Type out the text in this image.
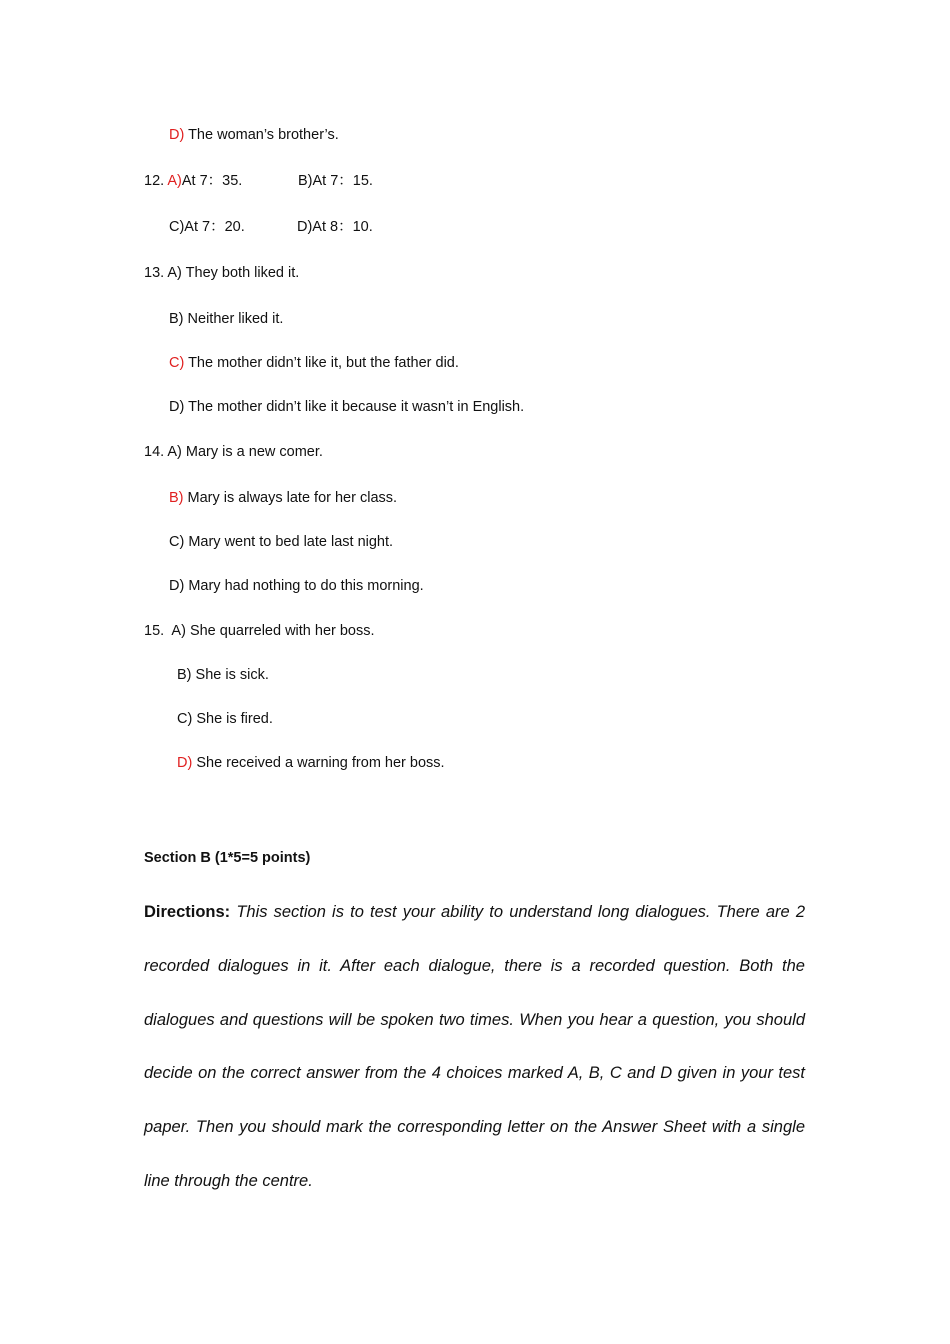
D) The woman’s brother’s.
12. A)At 7：35.	B)At 7：15.
C)At 7：20.	D)At 8：10.
13. A) They both liked it.
B) Neither liked it.
C) The mother didn’t like it, but the father did.
D) The mother didn’t like it because it wasn’t in English.
14. A) Mary is a new comer.
B) Mary is always late for her class.
C) Mary went to bed late last night.
D) Mary had nothing to do this morning.
15.  A) She quarreled with her boss.
B) She is sick.
C) She is fired.
D) She received a warning from her boss.
Section B (1*5=5 points)
Directions: This section is to test your ability to understand long dialogues. There are 2 recorded dialogues in it. After each dialogue, there is a recorded question. Both the dialogues and questions will be spoken two times. When you hear a question, you should decide on the correct answer from the 4 choices marked A, B, C and D given in your test paper. Then you should mark the corresponding letter on the Answer Sheet with a single line through the centre.
